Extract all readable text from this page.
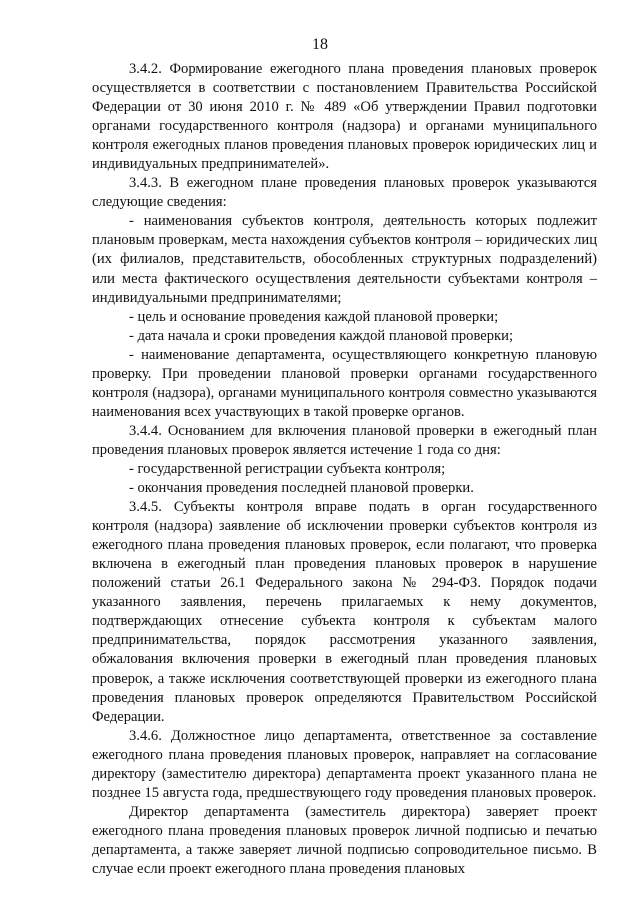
18

3.4.2. Формирование ежегодного плана проведения плановых проверок осуществляется в соответствии с постановлением Правительства Российской Федерации от 30 июня 2010 г. № 489 «Об утверждении Правил подготовки органами государственного контроля (надзора) и органами муниципального контроля ежегодных планов проведения плановых проверок юридических лиц и индивидуальных предпринимателей».

3.4.3. В ежегодном плане проведения плановых проверок указываются следующие сведения:

- наименования субъектов контроля, деятельность которых подлежит плановым проверкам, места нахождения субъектов контроля – юридических лиц (их филиалов, представительств, обособленных структурных подразделений) или места фактического осуществления деятельности субъектами контроля – индивидуальными предпринимателями;

- цель и основание проведения каждой плановой проверки;

- дата начала и сроки проведения каждой плановой проверки;

- наименование департамента, осуществляющего конкретную плановую проверку. При проведении плановой проверки органами государственного контроля (надзора), органами муниципального контроля совместно указываются наименования всех участвующих в такой проверке органов.

3.4.4. Основанием для включения плановой проверки в ежегодный план проведения плановых проверок является истечение 1 года со дня:

- государственной регистрации субъекта контроля;

- окончания проведения последней плановой проверки.

3.4.5. Субъекты контроля вправе подать в орган государственного контроля (надзора) заявление об исключении проверки субъектов контроля из ежегодного плана проведения плановых проверок, если полагают, что проверка включена в ежегодный план проведения плановых проверок в нарушение положений статьи 26.1 Федерального закона № 294-ФЗ. Порядок подачи указанного заявления, перечень прилагаемых к нему документов, подтверждающих отнесение субъекта контроля к субъектам малого предпринимательства, порядок рассмотрения указанного заявления, обжалования включения проверки в ежегодный план проведения плановых проверок, а также исключения соответствующей проверки из ежегодного плана проведения плановых проверок определяются Правительством Российской Федерации.

3.4.6. Должностное лицо департамента, ответственное за составление ежегодного плана проведения плановых проверок, направляет на согласование директору (заместителю директора) департамента проект указанного плана не позднее 15 августа года, предшествующего году проведения плановых проверок.

Директор департамента (заместитель директора) заверяет проект ежегодного плана проведения плановых проверок личной подписью и печатью департамента, а также заверяет личной подписью сопроводительное письмо. В случае если проект ежегодного плана проведения плановых
